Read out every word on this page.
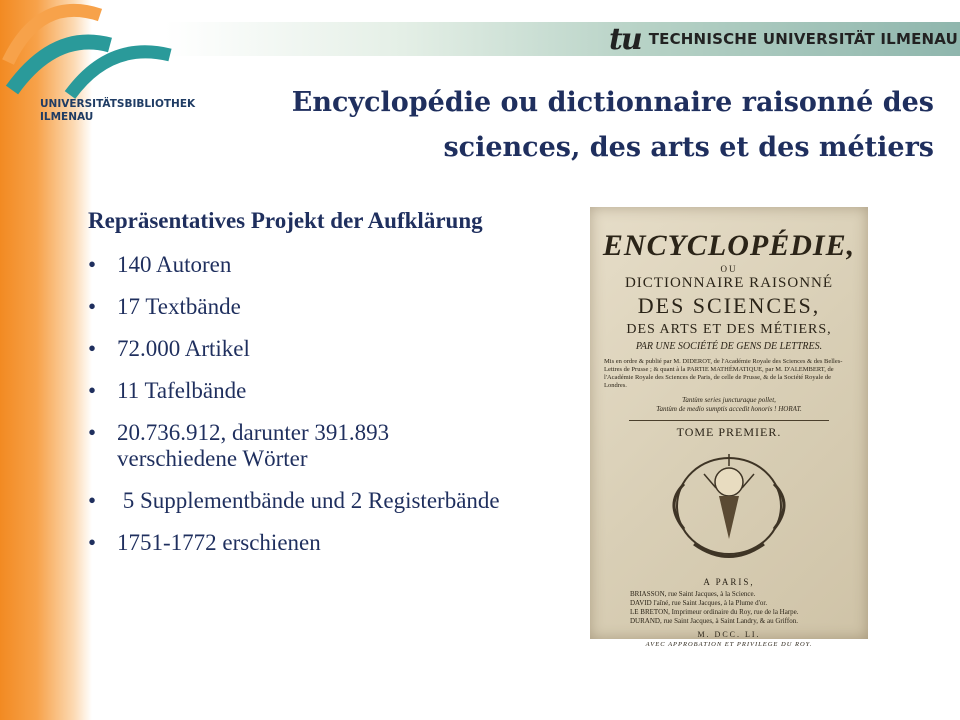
UNIVERSITÄTSBIBLIOTHEK
ILMENAU
tu TECHNISCHE UNIVERSITÄT ILMENAU
Encyclopédie ou dictionnaire raisonné des
sciences, des arts et des métiers
Repräsentatives Projekt der Aufklärung
• 140 Autoren
• 17 Textbände
• 72.000 Artikel
• 11 Tafelbände
• 20.736.912, darunter 391.893 verschiedene Wörter
• 5 Supplementbände und 2 Registerbände
• 1751-1772 erschienen
ENCYCLOPÉDIE,
OU
DICTIONNAIRE RAISONNÉ
DES SCIENCES,
DES ARTS ET DES MÉTIERS,
PAR UNE SOCIÉTÉ DE GENS DE LETTRES.
Mis en ordre & publié par M. DIDEROT, de l'Académie Royale des Sciences & des Belles-Lettres de Prusse ; & quant à la PARTIE MATHÉMATIQUE, par M. D'ALEMBERT, de l'Académie Royale des Sciences de Paris, de celle de Prusse, & de la Société Royale de Londres.
Tantùm series juncturaque pollet,
Tantùm de medio sumptis accedit honoris ! HORAT.
TOME PREMIER.
A PARIS,
BRIASSON, rue Saint Jacques, à la Science.
DAVID l'aîné, rue Saint Jacques, à la Plume d'or.
LE BRETON, Imprimeur ordinaire du Roy, rue de la Harpe.
DURAND, rue Saint Jacques, à Saint Landry, & au Griffon.
M. DCC. LI.
AVEC APPROBATION ET PRIVILEGE DU ROY.
